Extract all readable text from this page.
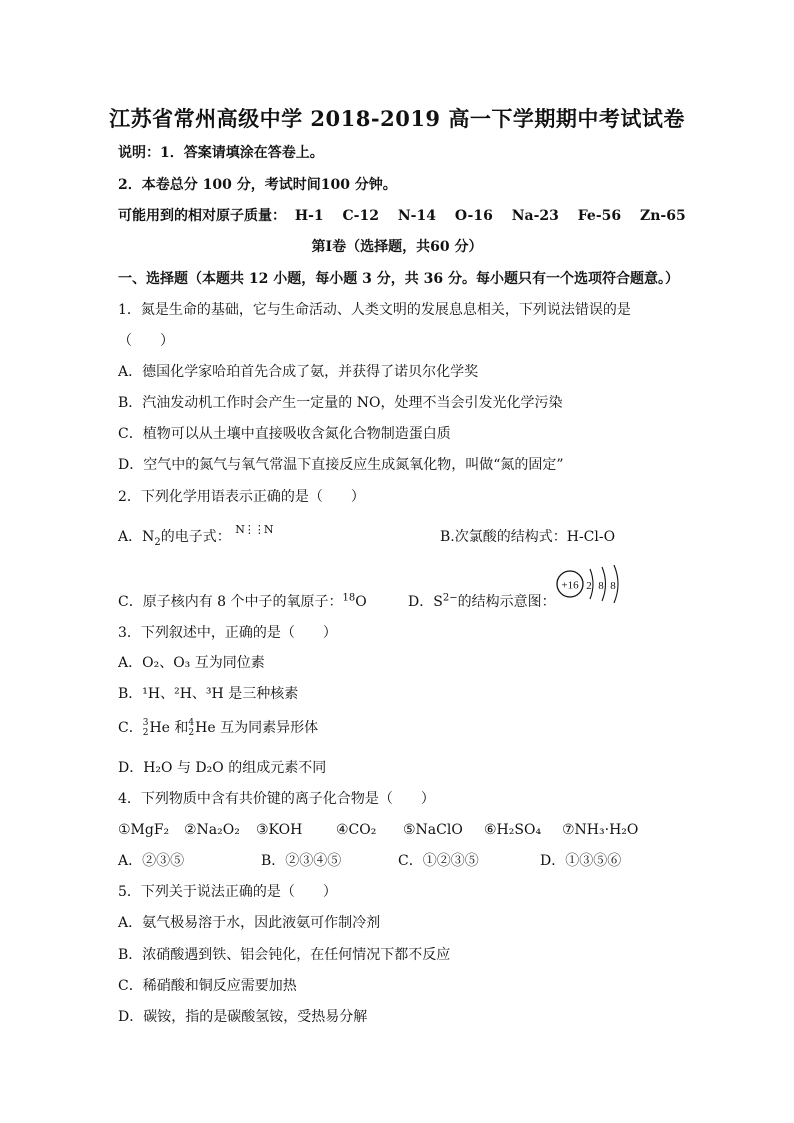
江苏省常州高级中学 2018-2019 高一下学期期中考试试卷
说明：1．答案请填涂在答卷上。
2．本卷总分 100 分，考试时间100 分钟。
可能用到的相对原子质量： H-1 C-12 N-14 O-16 Na-23 Fe-56 Zn-65
第Ⅰ卷（选择题，共60 分）
一、选择题（本题共 12 小题，每小题 3 分，共 36 分。每小题只有一个选项符合题意。）
1．氮是生命的基础，它与生命活动、人类文明的发展息息相关，下列说法错误的是
（　　）
A．德国化学家哈珀首先合成了氨，并获得了诺贝尔化学奖
B．汽油发动机工作时会产生一定量的 NO，处理不当会引发光化学污染
C．植物可以从土壤中直接吸收含氮化合物制造蛋白质
D．空气中的氮气与氧气常温下直接反应生成氮氧化物，叫做“氮的固定”
2．下列化学用语表示正确的是（　　）
A．$N_2$的电子式： $^{N⋮⋮N}$	B.次氯酸的结构式：H-Cl-O
C．原子核内有 8 个中子的氧原子：$^{18}$O	D．$S^{2-}$的结构示意图：
+16 2 8 8
3．下列叙述中，正确的是（　　）
A．O₂、O₃ 互为同位素
B．¹H、²H、³H 是三种核素
C． 3
2 He 和 4
2 He 互为同素异形体
D．H₂O 与 D₂O 的组成元素不同
4．下列物质中含有共价键的离子化合物是（　　）
①MgF₂ ②Na₂O₂ ③KOH ④CO₂ ⑤NaClO ⑥H₂SO₄ ⑦NH₃·H₂O
A．②③⑤	B．②③④⑤	C．①②③⑤	D．①③⑤⑥
5．下列关于说法正确的是（　　）
A．氨气极易溶于水，因此液氨可作制冷剂
B．浓硝酸遇到铁、铝会钝化，在任何情况下都不反应
C．稀硝酸和铜反应需要加热
D．碳铵，指的是碳酸氢铵，受热易分解
